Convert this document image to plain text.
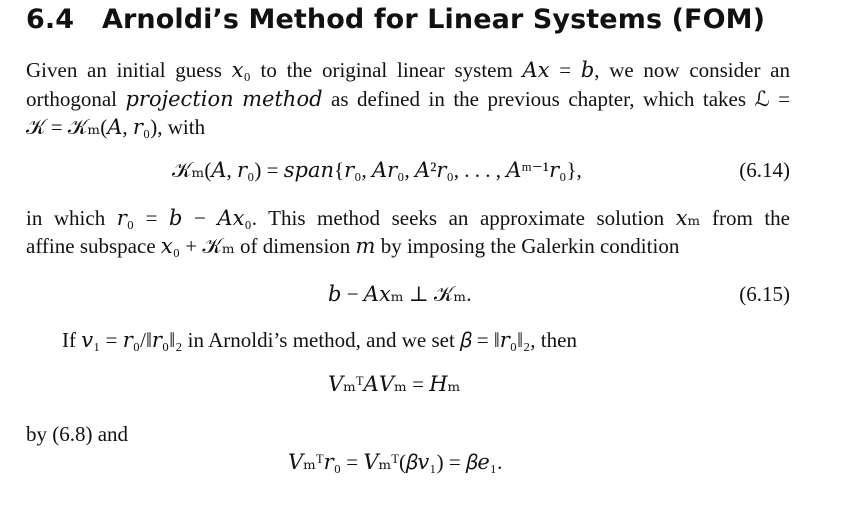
6.4 Arnoldi’s Method for Linear Systems (FOM)
Given an initial guess 𝑥₀ to the original linear system 𝐴𝑥 = 𝑏, we now consider an
orthogonal 𝑝𝑟𝑜𝑗𝑒𝑐𝑡𝑖𝑜𝑛 𝑚𝑒𝑡ℎ𝑜𝑑 as defined in the previous chapter, which takes ℒ =
𝒦 = 𝒦ₘ(𝐴, 𝑟₀), with
𝒦ₘ(𝐴, 𝑟₀) = 𝑠𝑝𝑎𝑛{𝑟₀, 𝐴𝑟₀, 𝐴²𝑟₀, . . . , 𝐴ᵐ⁻¹𝑟₀},	(6.14)
in which 𝑟₀ = 𝑏 − 𝐴𝑥₀. This method seeks an approximate solution 𝑥ₘ from the
affine subspace 𝑥₀ + 𝒦ₘ of dimension 𝑚 by imposing the Galerkin condition
𝑏 − 𝐴𝑥ₘ ⊥ 𝒦ₘ.	(6.15)
If 𝑣₁ = 𝑟₀/‖𝑟₀‖₂ in Arnoldi’s method, and we set 𝛽 = ‖𝑟₀‖₂, then
𝑉ₘᵀ𝐴𝑉ₘ = 𝐻ₘ
by (6.8) and
𝑉ₘᵀ𝑟₀ = 𝑉ₘᵀ(𝛽𝑣₁) = 𝛽𝑒₁.
